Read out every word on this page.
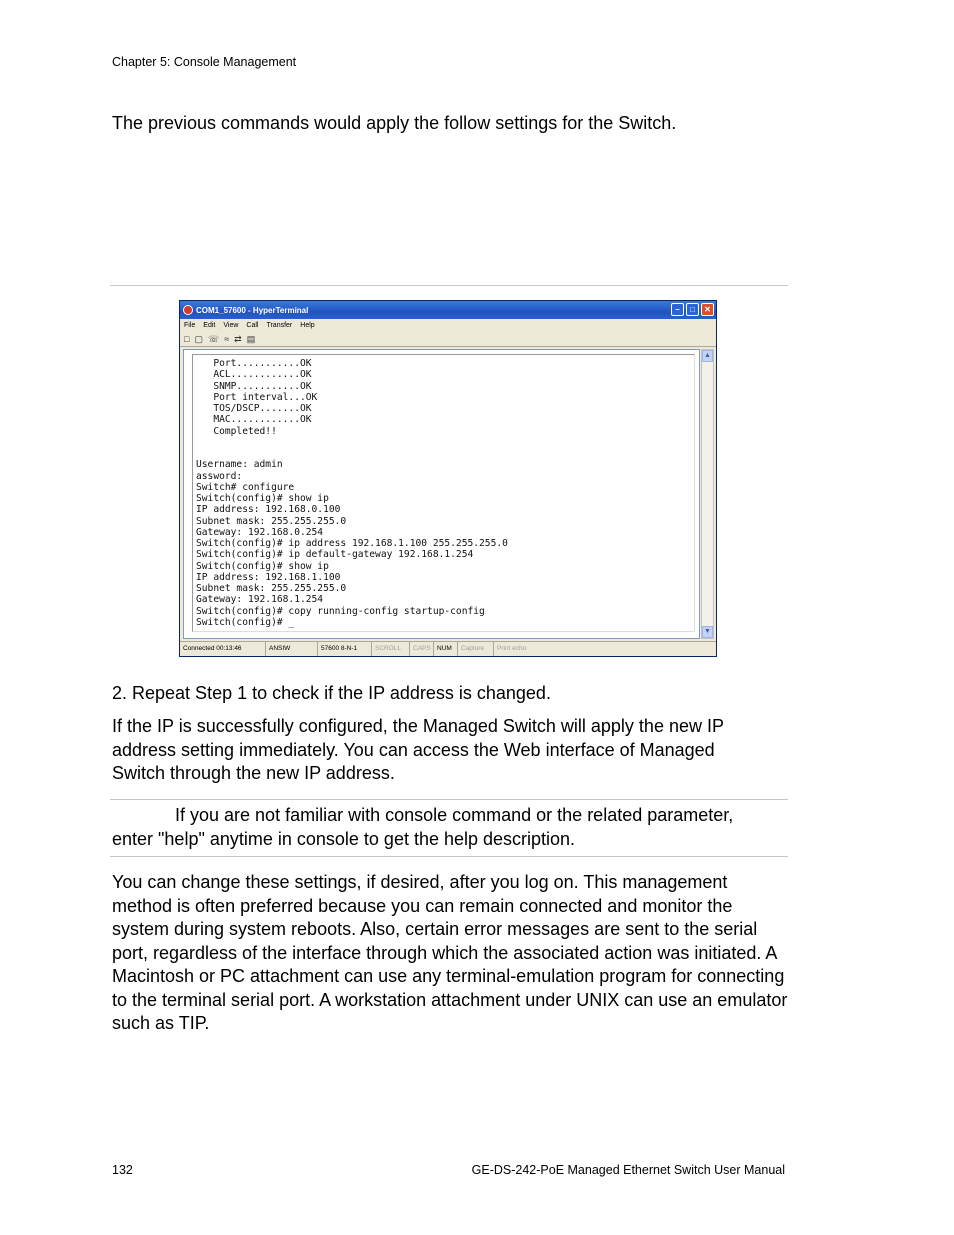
Chapter 5: Console Management
The previous commands would apply the follow settings for the Switch.
COM1_57600 - HyperTerminal	–	□	✕
File Edit View Call Transfer Help
□ ▢ ☏ ≈ ⇄ ▤
Port...........OK
ACL............OK
SNMP...........OK
Port interval...OK
TOS/DSCP.......OK
MAC............OK
Completed!!

Username: admin
assword:
Switch# configure
Switch(config)# show ip
IP address: 192.168.0.100
Subnet mask: 255.255.255.0
Gateway: 192.168.0.254
Switch(config)# ip address 192.168.1.100 255.255.255.0
Switch(config)# ip default-gateway 192.168.1.254
Switch(config)# show ip
IP address: 192.168.1.100
Subnet mask: 255.255.255.0
Gateway: 192.168.1.254
Switch(config)# copy running-config startup-config
Switch(config)# _
▲
▼
Connected 00:13:46	ANSIW	57600 8-N-1	SCROLL	CAPS NUM	Capture	Print echo
2. Repeat Step 1 to check if the IP address is changed.
If the IP is successfully configured, the Managed Switch will apply the new IP address setting immediately. You can access the Web interface of Managed Switch through the new IP address.
If you are not familiar with console command or the related parameter, enter "help" anytime in console to get the help description.
You can change these settings, if desired, after you log on. This management method is often preferred because you can remain connected and monitor the system during system reboots. Also, certain error messages are sent to the serial port, regardless of the interface through which the associated action was initiated. A Macintosh or PC attachment can use any terminal-emulation program for connecting to the terminal serial port. A workstation attachment under UNIX can use an emulator such as TIP.
132	GE-DS-242-PoE Managed Ethernet Switch User Manual
